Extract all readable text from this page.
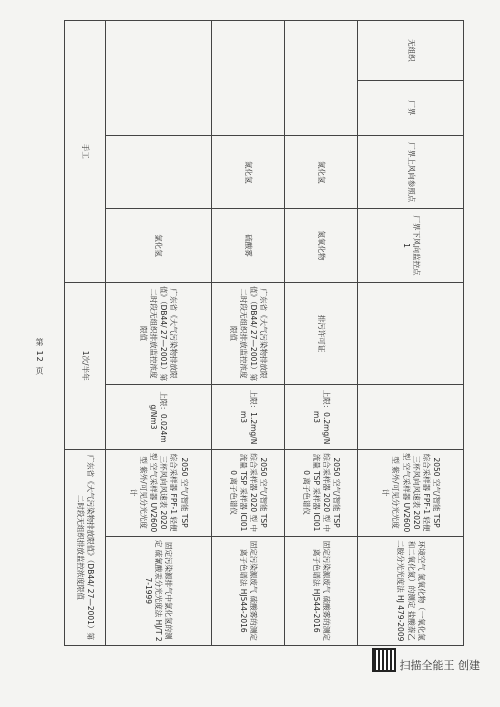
第 12 页
无组织	厂界	厂界上风向参照点	厂界下风向监控点 1			2050 空气/智能 TSP 综合采样器 FPF-1 轻便三杯风向风速表 2020 型 空气采样器 UV2600 型 紫外/可见分光光度计	环境空气 氮氧化物（一氧化氮和二氧化氮）的测定 盐酸萘乙二胺分光光度法 HJ 479-2009
		氮化氢	氮氧化物	排污许可证	上限：0.2mg/Nm3	2050 空气/智能 TSP 综合采样器 2020 型 中流量 TSP 采样器 ICI010 离子色谱仪	固定污染源废气 硫酸雾的测定 离子色谱法 HJ544-2016
		氮化氢	硫酸雾	广东省《大气污染物排放限值》（DB44/ 27—2001）第二时段无组织排放监控浓度限值	上限：1.2mg/Nm3	2050 空气/智能 TSP 综合采样器 2020 型 中流量 TSP 采样器 ICI010 离子色谱仪	固定污染源废气 硫酸雾的测定 离子色谱法 HJ544-2016
			氯化氢	广东省《大气污染物排放限值》（DB44/ 27—2001）第二时段无组织排放监控浓度限值	上限：0.024mg/Nm3	2050 空气/智能 TSP 综合采样器 FPF-1 轻便三杯风向风速表 2020 型 空气采样器 UV2600 型 紫外/可见分光光度计	固定污染源排气中氯化氢的测定 硫氰酸汞分光光度法 HJ/T 27-1999
手工				1次/半年		广东省《大气污染物排放限值》（DB44/ 27—2001）第二时段无组织排放监控浓度限值	
扫描全能王 创建
